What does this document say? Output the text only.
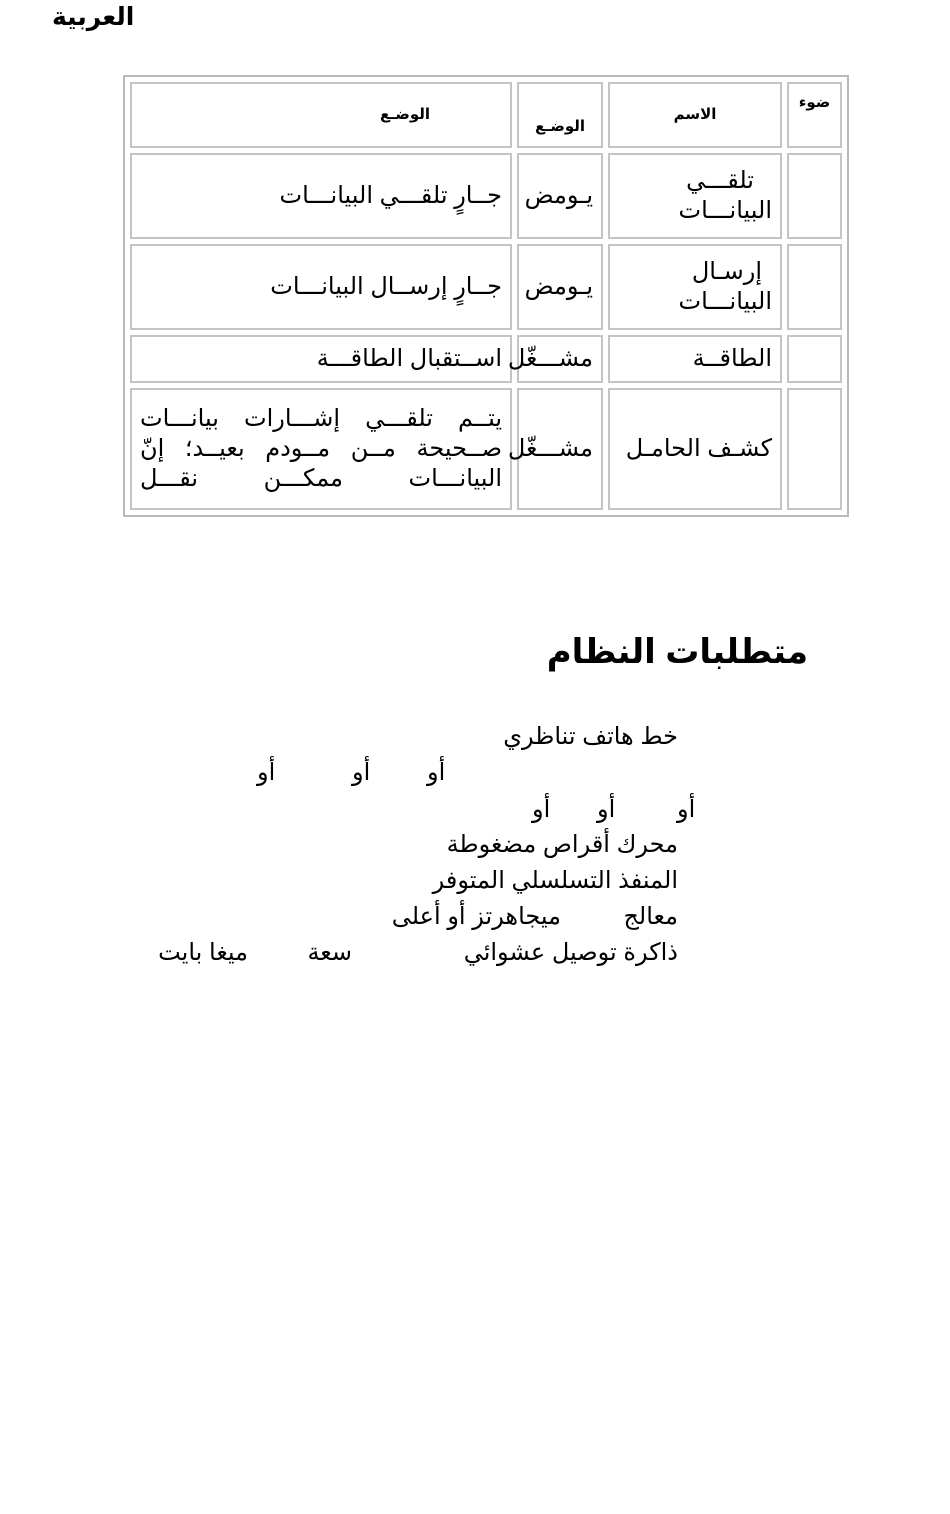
العربية
ضوء	الاسم	الوضـع	الوضـع

	تلقـــي
البيانـــات	يـومض	جــارٍ تلقـــي البيانـــات

	إرسـال
البيانـــات	يـومض	جــارٍ إرســال البيانـــات

	الطاقــة	مشـــغّل	اســتقبال الطاقـــة

	كشـف الحامـل	مشـــغّل	يتــم تلقـــي إشـــارات بيانـــات صــحيحة مــن مــودم بعيــد؛ إنّ البيانـــات ممكـــن نقـــل
متطلبات النظام
خط هاتف تناظري
أو
أو
أو
أو
أو
أو
محرك أقراص مضغوطة
المنفذ التسلسلي المتوفر
معالج
ميجاهرتز أو أعلى
ذاكرة توصيل عشوائي
سعة
ميغا بايت
